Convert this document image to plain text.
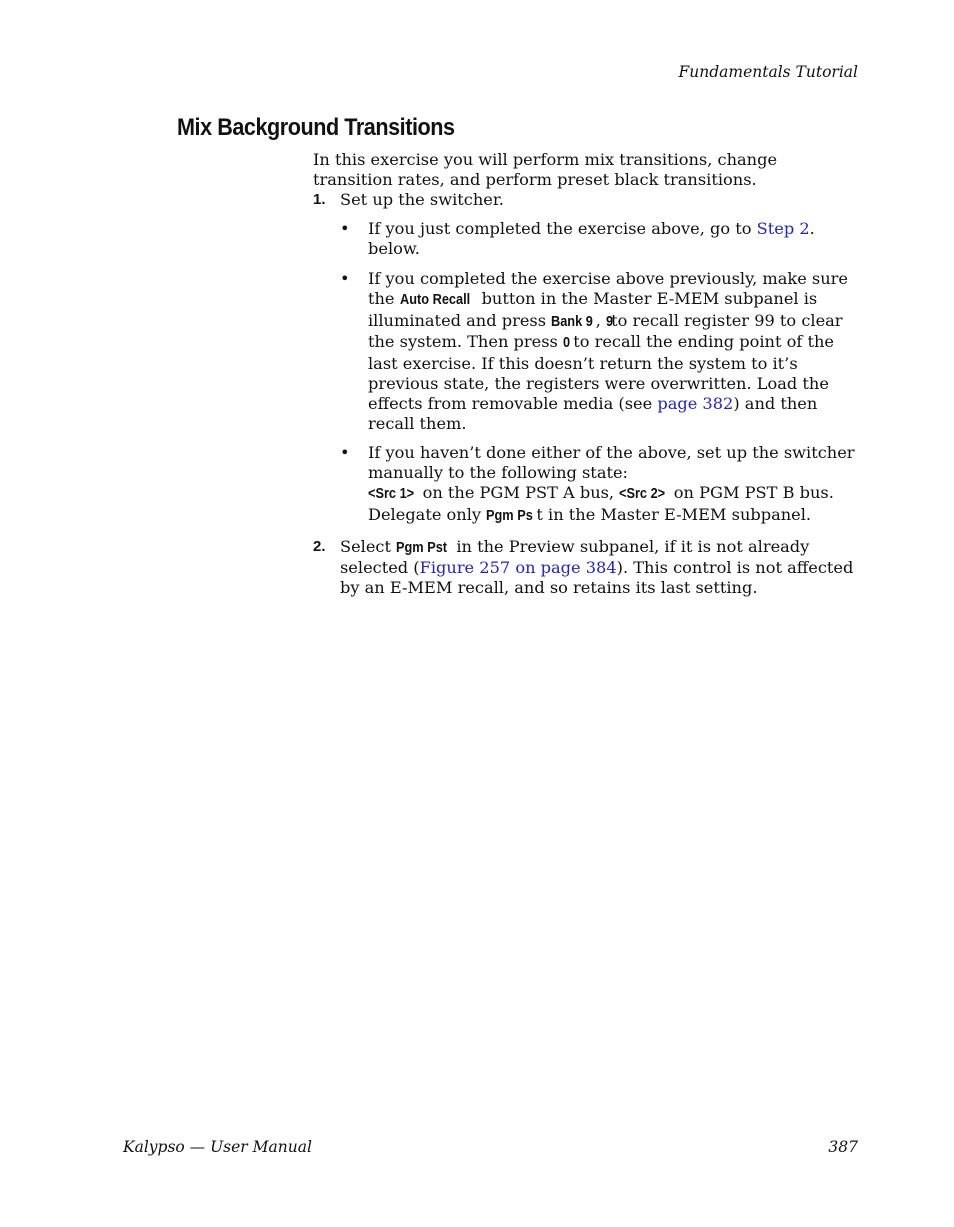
Fundamentals Tutorial
Mix Background Transitions

In this exercise you will perform mix transitions, change transition rates, and perform preset black transitions.

1. Set up the switcher.

• If you just completed the exercise above, go to Step 2. below.
• If you completed the exercise above previously, make sure the Auto Recall button in the Master E-MEM subpanel is illuminated and press Bank 9 , 9to recall register 99 to clear the system. Then press 0 to recall the ending point of the last exercise. If this doesn’t return the system to it’s previous state, the registers were overwritten. Load the effects from removable media (see page 382) and then recall them.
• If you haven’t done either of the above, set up the switcher manually to the following state:

<Src 1> on the PGM PST A bus, <Src 2> on PGM PST B bus. Delegate only Pgm Ps t in the Master E-MEM subpanel.

2. Select Pgm Pst in the Preview subpanel, if it is not already selected (Figure 257 on page 384). This control is not affected by an E-MEM recall, and so retains its last setting.

Kalypso — User Manual	387
